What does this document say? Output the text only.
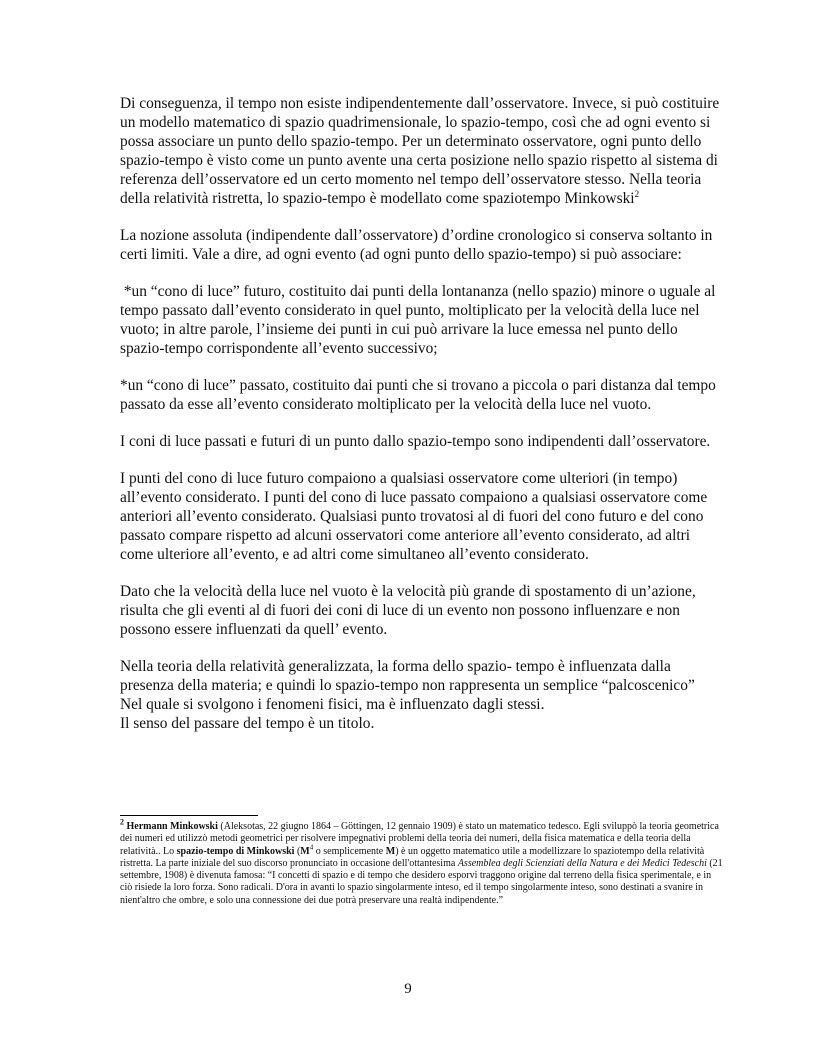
Di conseguenza, il tempo non esiste indipendentemente dall’osservatore. Invece, si può costituire un modello matematico di spazio quadrimensionale, lo spazio-tempo, così che ad ogni evento si possa associare un punto dello spazio-tempo. Per un determinato osservatore, ogni punto dello spazio-tempo è visto come un punto avente una certa posizione nello spazio rispetto al sistema di referenza dell’osservatore ed un certo momento nel tempo dell’osservatore stesso. Nella teoria della relatività ristretta, lo spazio-tempo è modellato come spaziotempo Minkowski$^2$

La nozione assoluta (indipendente dall’osservatore) d’ordine cronologico si conserva soltanto in certi limiti. Vale a dire, ad ogni evento (ad ogni punto dello spazio-tempo) si può associare:

*un “cono di luce” futuro, costituito dai punti della lontananza (nello spazio) minore o uguale al tempo passato dall’evento considerato in quel punto, moltiplicato per la velocità della luce nel vuoto; in altre parole, l’insieme dei punti in cui può arrivare la luce emessa nel punto dello spazio-tempo corrispondente all’evento successivo;

*un “cono di luce” passato, costituito dai punti che si trovano a piccola o pari distanza dal tempo passato da esse all’evento considerato moltiplicato per la velocità della luce nel vuoto.

I coni di luce passati e futuri di un punto dallo spazio-tempo sono indipendenti dall’osservatore.

I punti del cono di luce futuro compaiono a qualsiasi osservatore come ulteriori (in tempo) all’evento considerato. I punti del cono di luce passato compaiono a qualsiasi osservatore come anteriori all’evento considerato. Qualsiasi punto trovatosi al di fuori del cono futuro e del cono passato compare rispetto ad alcuni osservatori come anteriore all’evento considerato, ad altri come ulteriore all’evento, e ad altri come simultaneo all’evento considerato.

Dato che la velocità della luce nel vuoto è la velocità più grande di spostamento di un’azione, risulta che gli eventi al di fuori dei coni di luce di un evento non possono influenzare e non possono essere influenzati da quell’ evento.

Nella teoria della relatività generalizzata, la forma dello spazio- tempo è influenzata dalla presenza della materia; e quindi lo spazio-tempo non rappresenta un semplice “palcoscenico” Nel quale si svolgono i fenomeni fisici, ma è influenzato dagli stessi.

Il senso del passare del tempo è un titolo.

$^2$ Hermann Minkowski (Aleksotas, 22 giugno 1864 – Göttingen, 12 gennaio 1909) è stato un matematico tedesco. Egli sviluppò la teoria geometrica dei numeri ed utilizzò metodi geometrici per risolvere impegnativi problemi della teoria dei numeri, della fisica matematica e della teoria della relatività.. Lo spazio-tempo di Minkowski ($M^4$ o semplicemente M) è un oggetto matematico utile a modellizzare lo spaziotempo della relatività ristretta. La parte iniziale del suo discorso pronunciato in occasione dell'ottantesima Assemblea degli Scienziati della Natura e dei Medici Tedeschi (21 settembre, 1908) è divenuta famosa: “I concetti di spazio e di tempo che desidero esporvi traggono origine dal terreno della fisica sperimentale, e in ciò risiede la loro forza. Sono radicali. D'ora in avanti lo spazio singolarmente inteso, ed il tempo singolarmente inteso, sono destinati a svanire in nient'altro che ombre, e solo una connessione dei due potrà preservare una realtà indipendente.”
9
